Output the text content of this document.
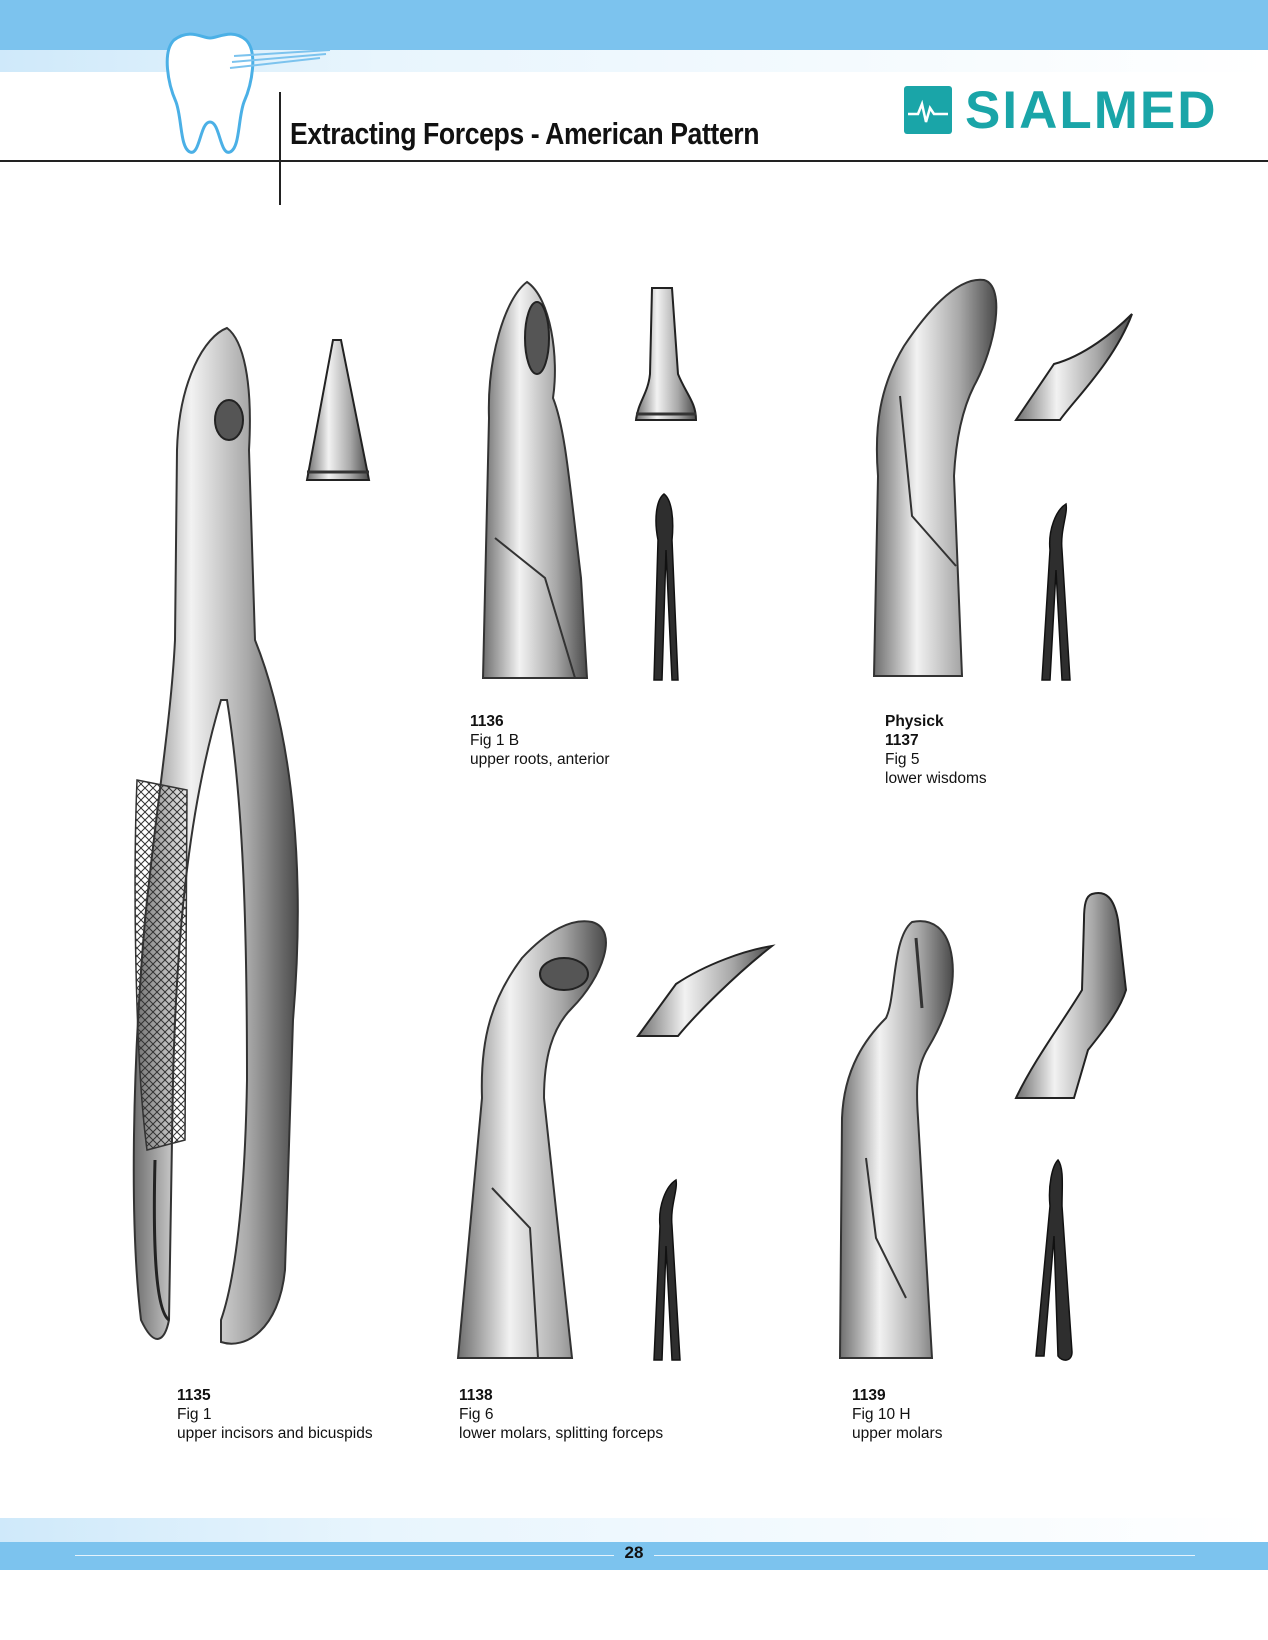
Extracting Forceps - American Pattern	SIALMED
1135
Fig 1
upper incisors and bicuspids
1136
Fig 1 B
upper roots, anterior
Physick
1137
Fig 5
lower wisdoms
1138
Fig 6
lower molars, splitting forceps
1139
Fig 10 H
upper molars
28
